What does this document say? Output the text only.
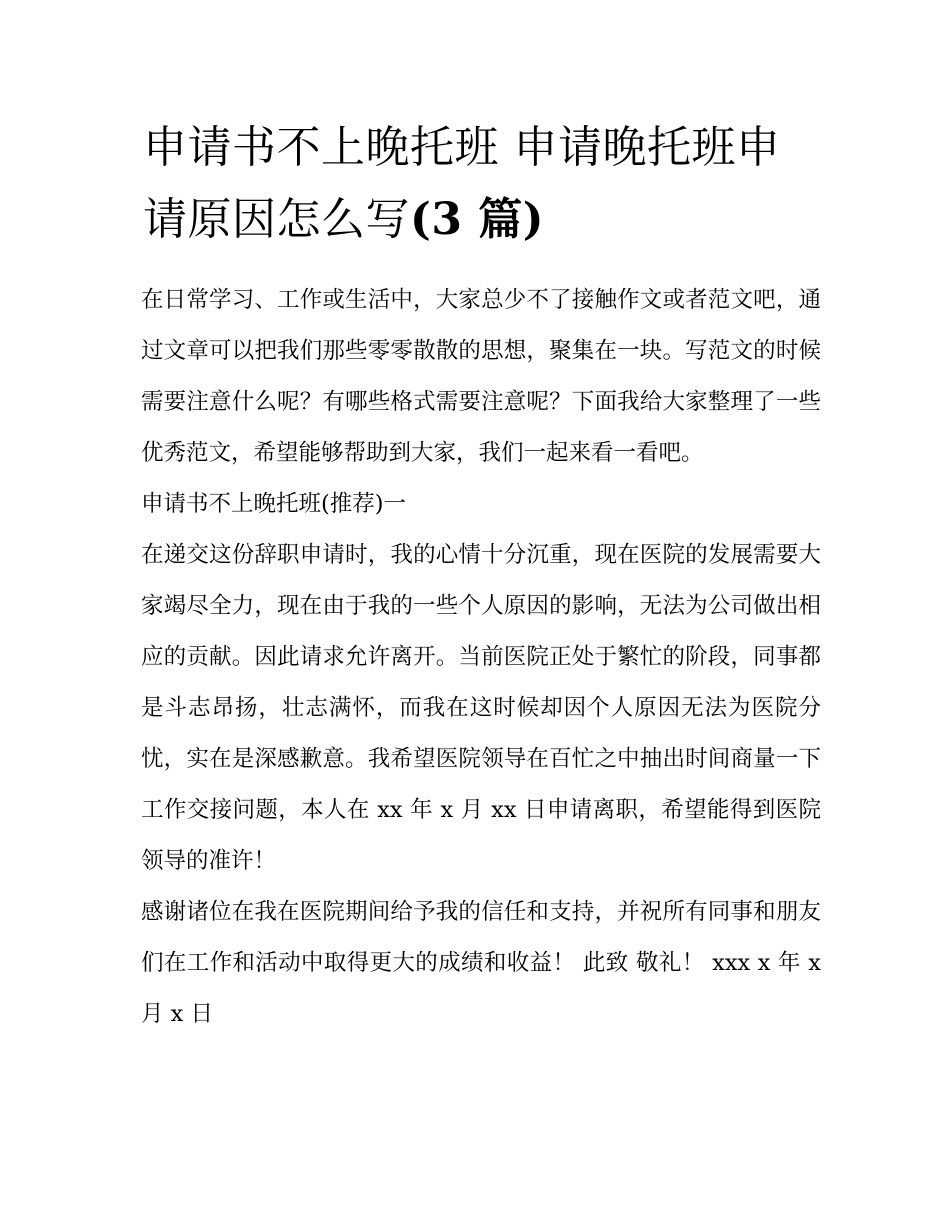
申请书不上晚托班 申请晚托班申请原因怎么写(3 篇)

在日常学习、工作或生活中，大家总少不了接触作文或者范文吧，通过文章可以把我们那些零零散散的思想，聚集在一块。写范文的时候需要注意什么呢？有哪些格式需要注意呢？下面我给大家整理了一些优秀范文，希望能够帮助到大家，我们一起来看一看吧。

申请书不上晚托班(推荐)一

在递交这份辞职申请时，我的心情十分沉重，现在医院的发展需要大家竭尽全力，现在由于我的一些个人原因的影响，无法为公司做出相应的贡献。因此请求允许离开。当前医院正处于繁忙的阶段，同事都是斗志昂扬，壮志满怀，而我在这时候却因个人原因无法为医院分忧，实在是深感歉意。我希望医院领导在百忙之中抽出时间商量一下工作交接问题，本人在 xx 年 x 月 xx 日申请离职，希望能得到医院领导的准许！

感谢诸位在我在医院期间给予我的信任和支持，并祝所有同事和朋友们在工作和活动中取得更大的成绩和收益！ 此致 敬礼！ xxx x 年 x 月 x 日
